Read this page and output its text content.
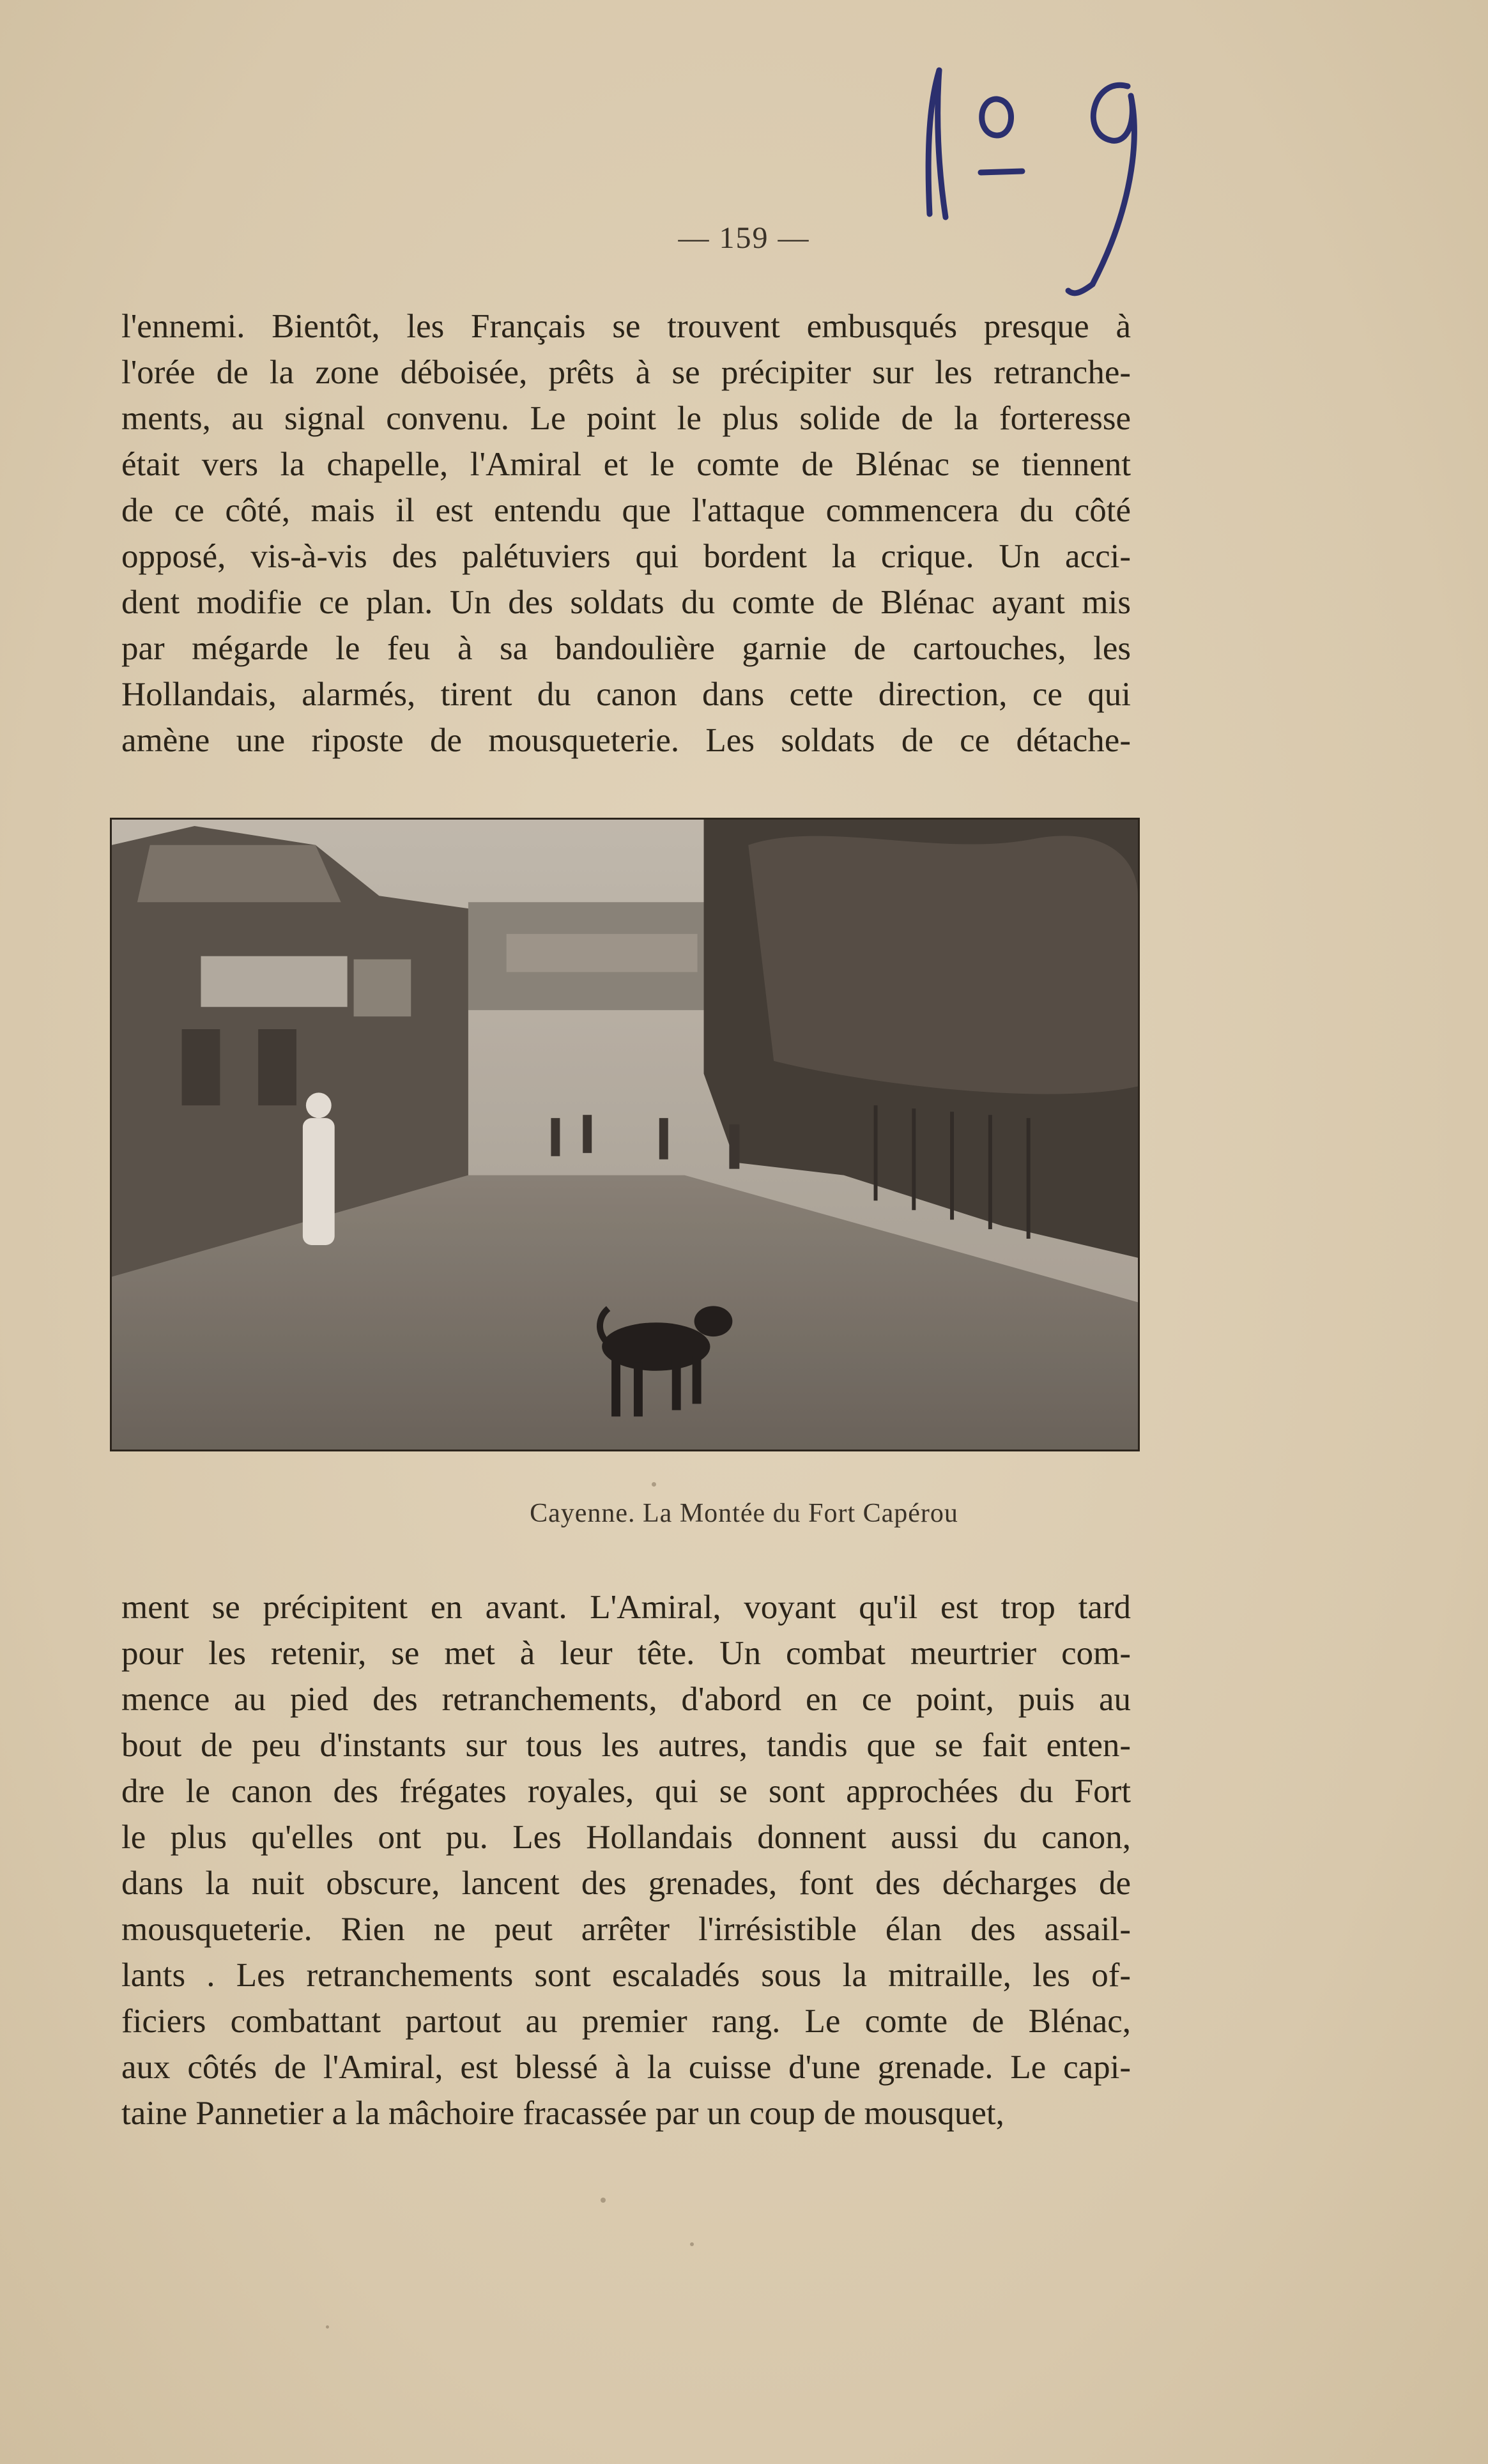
— 159 —
l'ennemi. Bientôt, les Français se trouvent embusqués presque à
l'orée de la zone déboisée, prêts à se précipiter sur les retranche-
ments, au signal convenu. Le point le plus solide de la forteresse
était vers la chapelle, l'Amiral et le comte de Blénac se tiennent
de ce côté, mais il est entendu que l'attaque commencera du côté
opposé, vis-à-vis des palétuviers qui bordent la crique. Un acci-
dent modifie ce plan. Un des soldats du comte de Blénac ayant mis
par mégarde le feu à sa bandoulière garnie de cartouches, les
Hollandais, alarmés, tirent du canon dans cette direction, ce qui
amène une riposte de mousqueterie. Les soldats de ce détache-
Cayenne. La Montée du Fort Capérou
ment se précipitent en avant. L'Amiral, voyant qu'il est trop tard
pour les retenir, se met à leur tête. Un combat meurtrier com-
mence au pied des retranchements, d'abord en ce point, puis au
bout de peu d'instants sur tous les autres, tandis que se fait enten-
dre le canon des frégates royales, qui se sont approchées du Fort
le plus qu'elles ont pu. Les Hollandais donnent aussi du canon,
dans la nuit obscure, lancent des grenades, font des décharges de
mousqueterie. Rien ne peut arrêter l'irrésistible élan des assail-
lants . Les retranchements sont escaladés sous la mitraille, les of-
ficiers combattant partout au premier rang. Le comte de Blénac,
aux côtés de l'Amiral, est blessé à la cuisse d'une grenade. Le capi-
taine Pannetier a la mâchoire fracassée par un coup de mousquet,
